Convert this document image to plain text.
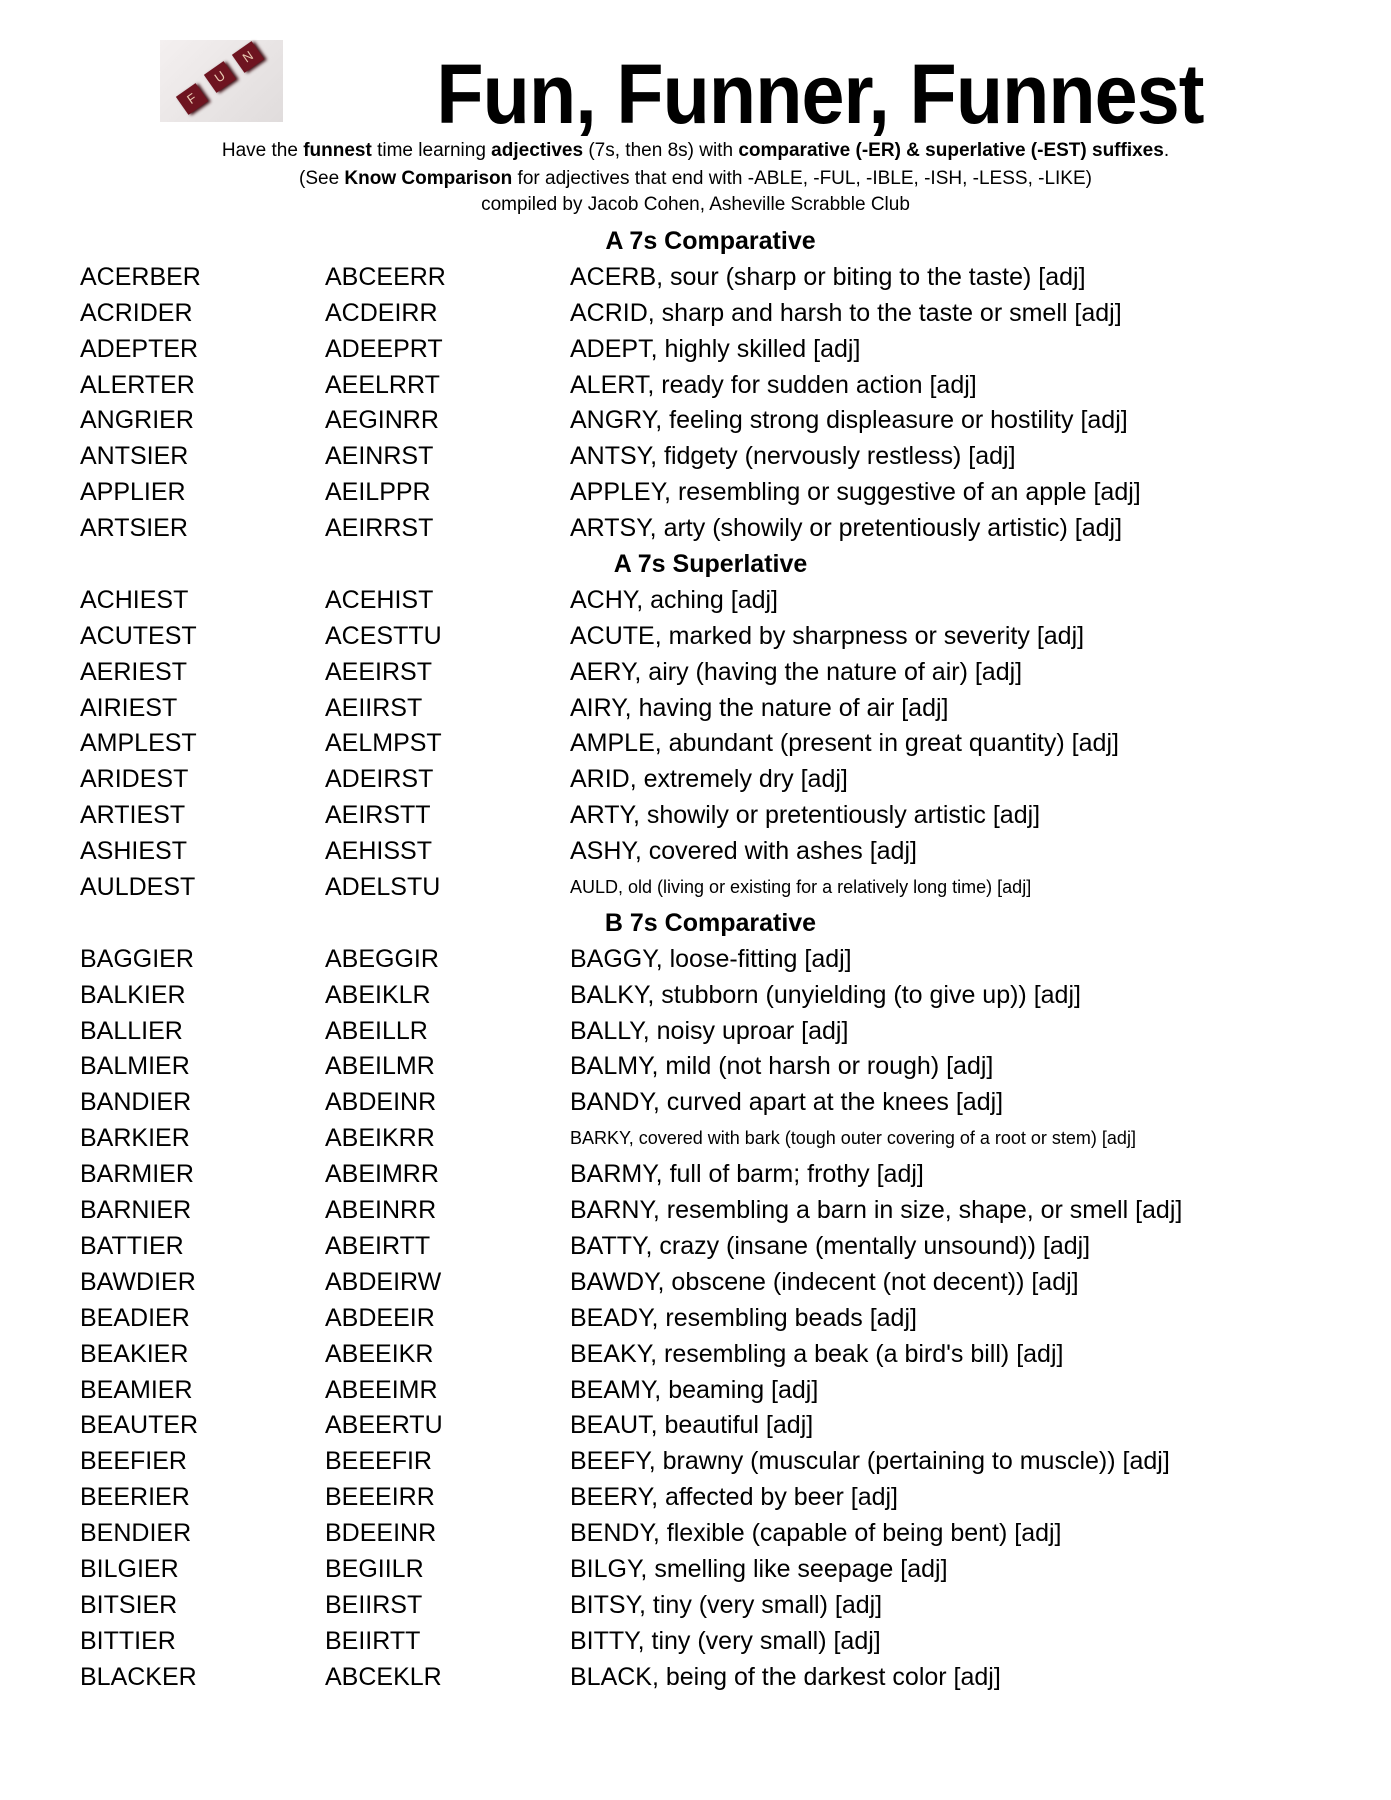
F
U
N Fun, Funner, Funnest
Have the funnest time learning adjectives (7s, then 8s) with comparative (-ER) & superlative (-EST) suffixes.
(See Know Comparison for adjectives that end with -ABLE, -FUL, -IBLE, -ISH, -LESS, -LIKE)
compiled by Jacob Cohen, Asheville Scrabble Club
A 7s Comparative
ACERBER	ABCEERR	ACERB, sour (sharp or biting to the taste) [adj]
ACRIDER	ACDEIRR	ACRID, sharp and harsh to the taste or smell [adj]
ADEPTER	ADEEPRT	ADEPT, highly skilled [adj]
ALERTER	AEELRRT	ALERT, ready for sudden action [adj]
ANGRIER	AEGINRR	ANGRY, feeling strong displeasure or hostility [adj]
ANTSIER	AEINRST	ANTSY, fidgety (nervously restless) [adj]
APPLIER	AEILPPR	APPLEY, resembling or suggestive of an apple [adj]
ARTSIER	AEIRRST	ARTSY, arty (showily or pretentiously artistic) [adj]
A 7s Superlative
ACHIEST	ACEHIST	ACHY, aching [adj]
ACUTEST	ACESTTU	ACUTE, marked by sharpness or severity [adj]
AERIEST	AEEIRST	AERY, airy (having the nature of air) [adj]
AIRIEST	AEIIRST	AIRY, having the nature of air [adj]
AMPLEST	AELMPST	AMPLE, abundant (present in great quantity) [adj]
ARIDEST	ADEIRST	ARID, extremely dry [adj]
ARTIEST	AEIRSTT	ARTY, showily or pretentiously artistic [adj]
ASHIEST	AEHISST	ASHY, covered with ashes [adj]
AULDEST	ADELSTU	AULD, old (living or existing for a relatively long time) [adj]
B 7s Comparative
BAGGIER	ABEGGIR	BAGGY, loose-fitting [adj]
BALKIER	ABEIKLR	BALKY, stubborn (unyielding (to give up)) [adj]
BALLIER	ABEILLR	BALLY, noisy uproar [adj]
BALMIER	ABEILMR	BALMY, mild (not harsh or rough) [adj]
BANDIER	ABDEINR	BANDY, curved apart at the knees [adj]
BARKIER	ABEIKRR	BARKY, covered with bark (tough outer covering of a root or stem) [adj]
BARMIER	ABEIMRR	BARMY, full of barm; frothy [adj]
BARNIER	ABEINRR	BARNY, resembling a barn in size, shape, or smell [adj]
BATTIER	ABEIRTT	BATTY, crazy (insane (mentally unsound)) [adj]
BAWDIER	ABDEIRW	BAWDY, obscene (indecent (not decent)) [adj]
BEADIER	ABDEEIR	BEADY, resembling beads [adj]
BEAKIER	ABEEIKR	BEAKY, resembling a beak (a bird's bill) [adj]
BEAMIER	ABEEIMR	BEAMY, beaming [adj]
BEAUTER	ABEERTU	BEAUT, beautiful [adj]
BEEFIER	BEEEFIR	BEEFY, brawny (muscular (pertaining to muscle)) [adj]
BEERIER	BEEEIRR	BEERY, affected by beer [adj]
BENDIER	BDEEINR	BENDY, flexible (capable of being bent) [adj]
BILGIER	BEGIILR	BILGY, smelling like seepage [adj]
BITSIER	BEIIRST	BITSY, tiny (very small) [adj]
BITTIER	BEIIRTT	BITTY, tiny (very small) [adj]
BLACKER	ABCEKLR	BLACK, being of the darkest color [adj]
